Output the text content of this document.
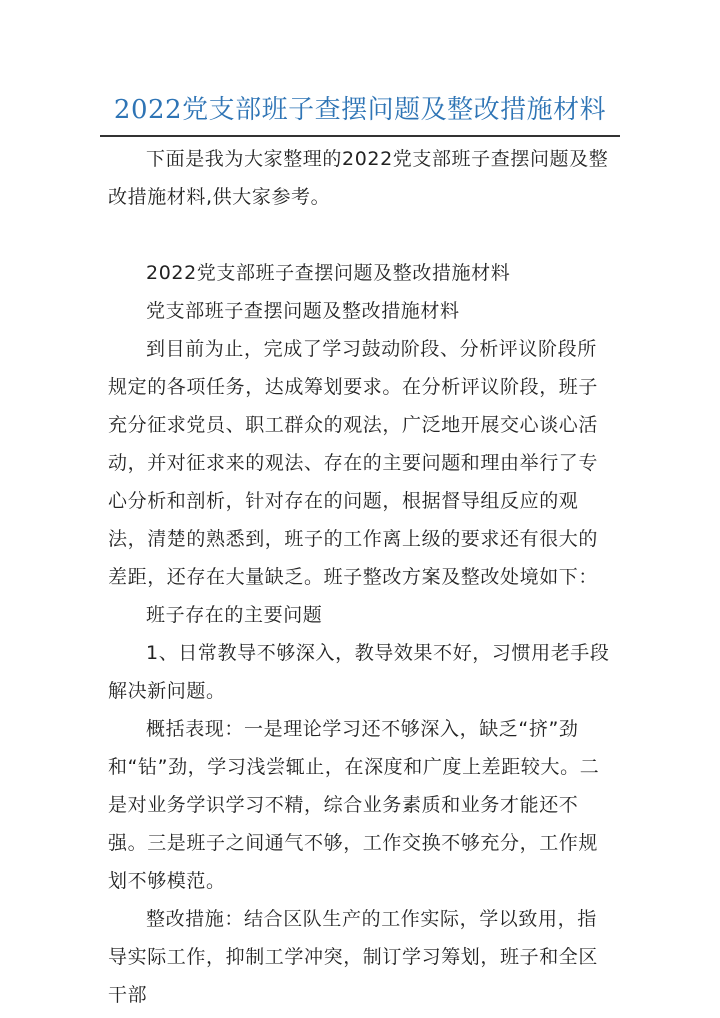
2022党支部班子查摆问题及整改措施材料

下面是我为大家整理的2022党支部班子查摆问题及整改措施材料,供大家参考。

2022党支部班子查摆问题及整改措施材料

党支部班子查摆问题及整改措施材料

到目前为止，完成了学习鼓动阶段、分析评议阶段所规定的各项任务，达成筹划要求。在分析评议阶段，班子充分征求党员、职工群众的观法，广泛地开展交心谈心活动，并对征求来的观法、存在的主要问题和理由举行了专心分析和剖析，针对存在的问题，根据督导组反应的观法，清楚的熟悉到，班子的工作离上级的要求还有很大的差距，还存在大量缺乏。班子整改方案及整改处境如下：

班子存在的主要问题

1、日常教导不够深入，教导效果不好，习惯用老手段解决新问题。

概括表现：一是理论学习还不够深入，缺乏“挤”劲和“钻”劲，学习浅尝辄止，在深度和广度上差距较大。二是对业务学识学习不精，综合业务素质和业务才能还不强。三是班子之间通气不够，工作交换不够充分，工作规划不够模范。

整改措施：结合区队生产的工作实际，学以致用，指导实际工作，抑制工学冲突，制订学习筹划，班子和全区干部
